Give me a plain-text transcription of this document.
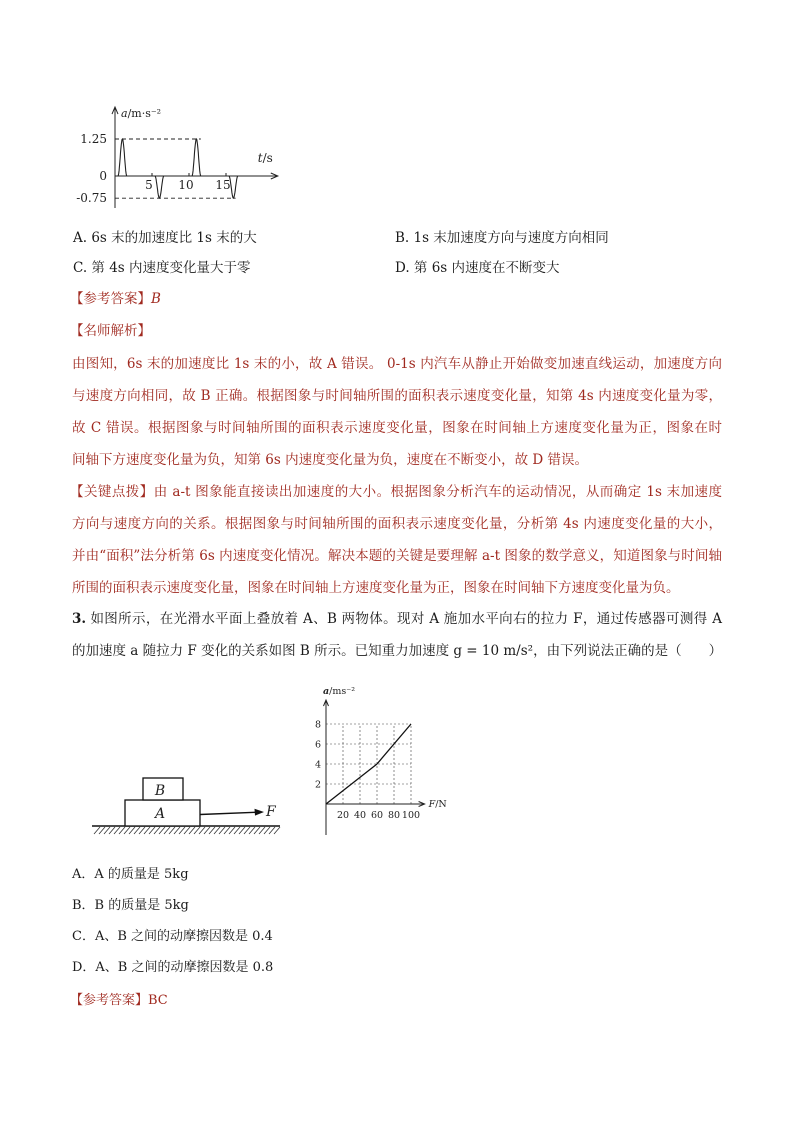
5 10 15
1.25
0
-0.75
a/m·s⁻²
t/s
A. 6s 末的加速度比 1s 末的大	B. 1s 末加速度方向与速度方向相同
C. 第 4s 内速度变化量大于零	D. 第 6s 内速度在不断变大
【参考答案】B
【名师解析】
由图知，6s 末的加速度比 1s 末的小，故 A 错误。 0-1s 内汽车从静止开始做变加速直线运动，加速度方向
与速度方向相同，故 B 正确。根据图象与时间轴所围的面积表示速度变化量，知第 4s 内速度变化量为零，
故 C 错误。根据图象与时间轴所围的面积表示速度变化量，图象在时间轴上方速度变化量为正，图象在时
间轴下方速度变化量为负，知第 6s 内速度变化量为负，速度在不断变小，故 D 错误。
【关键点拨】由 a-t 图象能直接读出加速度的大小。根据图象分析汽车的运动情况，从而确定 1s 末加速度
方向与速度方向的关系。根据图象与时间轴所围的面积表示速度变化量，分析第 4s 内速度变化量的大小，
并由“面积”法分析第 6s 内速度变化情况。解决本题的关键是要理解 a-t 图象的数学意义，知道图象与时间轴
所围的面积表示速度变化量，图象在时间轴上方速度变化量为正，图象在时间轴下方速度变化量为负。
3. 如图所示，在光滑水平面上叠放着 A、B 两物体。现对 A 施加水平向右的拉力 F，通过传感器可测得 A
的加速度 a 随拉力 F 变化的关系如图 B 所示。已知重力加速度 g = 10 m/s²，由下列说法正确的是（　　）
A
B
F	20 40 60 80 100
2
4
6
8
a/ms⁻²
F/N
A．A 的质量是 5kg
B．B 的质量是 5kg
C．A、B 之间的动摩擦因数是 0.4
D．A、B 之间的动摩擦因数是 0.8
【参考答案】BC
